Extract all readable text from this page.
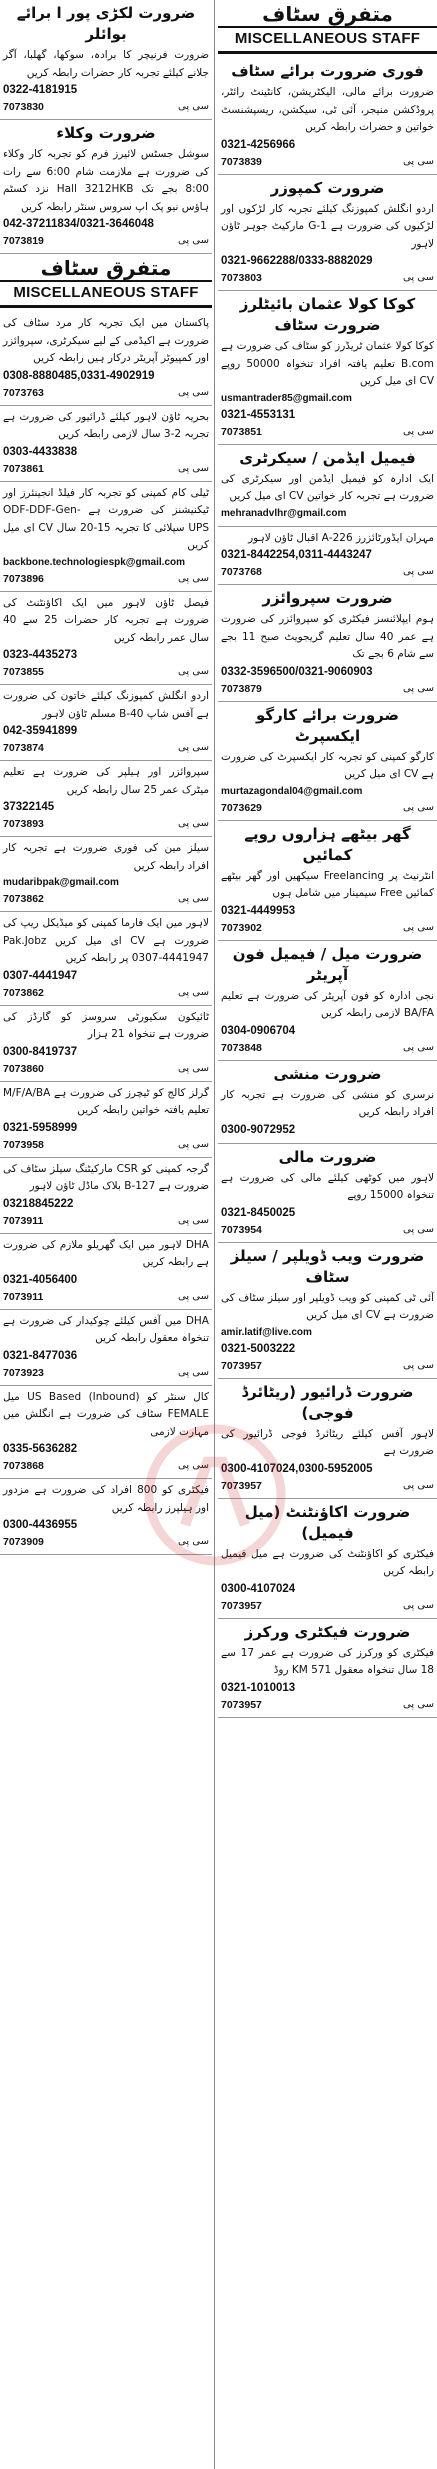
ضرورت لکڑی پور ا برائے بوائلر
ضرورت فرنیچر کا برادہ، سوکھا، گھلبا، آگر جلانے کیلئے تجربہ کار حضرات رابطہ کریں
0322-4181915
7073830	سی پی
ضرورت وکلاء
سوشل جسٹس لائیرز فرم کو تجربہ کار وکلاء کی ضرورت ہے ملازمت شام 6:00 سے رات 8:00 بجے تک Hall 3212HKB نزد کسٹم ہاؤس نیو پک اپ سروس سنٹر رابطہ کریں
042-37211834/0321-3646048
7073819	سی پی
متفرق سٹاف
MISCELLANEOUS STAFF
پاکستان میں ایک تجربہ کار مرد سٹاف کی ضرورت ہے اکیڈمی کے لیے سیکرٹری، سپروائزر اور کمپیوٹر آپریٹر درکار ہیں رابطہ کریں
0308-8880485,0331-4902919
7073763	سی پی
بحریہ ٹاؤن لاہور کیلئے ڈرائیور کی ضرورت ہے تجربہ 2-3 سال لازمی رابطہ کریں
0303-4433838
7073861	سی پی
ٹیلی کام کمپنی کو تجربہ کار فیلڈ انجینئرز اور ٹیکنیشنز کی ضرورت ہے ODF-DDF-Gen-UPS سپلائی کا تجربہ 15-20 سال CV ای میل کریں
backbone.technologiespk@gmail.com
7073896	سی پی
فیصل ٹاؤن لاہور میں ایک اکاؤنٹنٹ کی ضرورت ہے تجربہ کار حضرات 25 سے 40 سال عمر رابطہ کریں
0323-4435273
7073855	سی پی
اردو انگلش کمپوزنگ کیلئے خاتون کی ضرورت ہے آفس شاپ B-40 مسلم ٹاؤن لاہور
042-35941899
7073874	سی پی
سپروائزر اور ہیلپر کی ضرورت ہے تعلیم میٹرک عمر 25 سال رابطہ کریں
37322145
7073893	سی پی
سیلز مین کی فوری ضرورت ہے تجربہ کار افراد رابطہ کریں
mudaribpak@gmail.com
7073862	سی پی
لاہور میں ایک فارما کمپنی کو میڈیکل ریپ کی ضرورت ہے CV ای میل کریں Pak.Jobz 0307-4441947 پر رابطہ کریں
0307-4441947
7073862	سی پی
ٹائیکون سکیورٹی سروسز کو گارڈز کی ضرورت ہے تنخواہ 21 ہزار
0300-8419737
7073860	سی پی
گرلز کالج کو ٹیچرز کی ضرورت ہے M/F/A/BA تعلیم یافتہ خواتین رابطہ کریں
0321-5958999
7073958	سی پی
گرجہ کمپنی کو CSR مارکیٹنگ سیلز سٹاف کی ضرورت ہے 127-B بلاک ماڈل ٹاؤن لاہور
03218845222
7073911	سی پی
DHA لاہور میں ایک گھریلو ملازم کی ضرورت ہے رابطہ کریں
0321-4056400
7073911	سی پی
DHA میں آفس کیلئے چوکیدار کی ضرورت ہے تنخواہ معقول رابطہ کریں
0321-8477036
7073923	سی پی
کال سنٹر کو (Inbound) US Based میل FEMALE سٹاف کی ضرورت ہے انگلش میں مہارت لازمی
0335-5636282
7073868	سی پی
فیکٹری کو 800 افراد کی ضرورت ہے مزدور اور ہیلپرز رابطہ کریں
0300-4436955
7073909	سی پی
متفرق سٹاف
MISCELLANEOUS STAFF
فوری ضرورت برائے سٹاف
ضرورت برائے مالی، الیکٹریشن، کانٹینٹ رائٹر، پروڈکشن منیجر، آئی ٹی، سیکشن، ریسپشنسٹ خواتین و حضرات رابطہ کریں
0321-4256966
7073839	سی پی
ضرورت کمپوزر
اردو انگلش کمپوزنگ کیلئے تجربہ کار لڑکوں اور لڑکیوں کی ضرورت ہے G-1 مارکیٹ جوہر ٹاؤن لاہور
0321-9662288/0333-8882029
7073803	سی پی
کوکا کولا عثمان بائیٹلرز ضرورت سٹاف
کوکا کولا عثمان ٹریڈرز کو سٹاف کی ضرورت ہے B.com تعلیم یافتہ افراد تنخواہ 50000 روپے CV ای میل کریں
usmantrader85@gmail.com
0321-4553131
7073851	سی پی
فیمیل ایڈمن / سیکرٹری
ایک ادارہ کو فیمیل ایڈمن اور سیکرٹری کی ضرورت ہے تجربہ کار خواتین CV ای میل کریں
mehranadvlhr@gmail.com
مہران ایڈورٹائزرز 226-A اقبال ٹاؤن لاہور
0321-8442254,0311-4443247
7073768	سی پی
ضرورت سپروائزر
ہوم ایپلائنسز فیکٹری کو سپروائزر کی ضرورت ہے عمر 40 سال تعلیم گریجویٹ صبح 11 بجے سے شام 6 بجے تک
0332-3596500/0321-9060903
7073879	سی پی
ضرورت برائے کارگو ایکسپرٹ
کارگو کمپنی کو تجربہ کار ایکسپرٹ کی ضرورت ہے CV ای میل کریں
murtazagondal04@gmail.com
7073629	سی پی
گھر بیٹھے ہزاروں روپے کمائیں
انٹرنیٹ پر Freelancing سیکھیں اور گھر بیٹھے کمائیں Free سیمینار میں شامل ہوں
0321-4449953
7073902	سی پی
ضرورت میل / فیمیل فون آپریٹر
نجی ادارہ کو فون آپریٹر کی ضرورت ہے تعلیم BA/FA لازمی رابطہ کریں
0304-0906704
7073848	سی پی
ضرورت منشی
نرسری کو منشی کی ضرورت ہے تجربہ کار افراد رابطہ کریں
0300-9072952
ضرورت مالی
لاہور میں کوٹھی کیلئے مالی کی ضرورت ہے تنخواہ 15000 روپے
0321-8450025
7073954	سی پی
ضرورت ویب ڈویلپر / سیلز سٹاف
آئی ٹی کمپنی کو ویب ڈویلپر اور سیلز سٹاف کی ضرورت ہے CV ای میل کریں
amir.latif@live.com
0321-5003222
7073957	سی پی
ضرورت ڈرائیور (ریٹائرڈ فوجی)
لاہور آفس کیلئے ریٹائرڈ فوجی ڈرائیور کی ضرورت ہے
0300-4107024,0300-5952005
7073957	سی پی
ضرورت اکاؤنٹنٹ (میل فیمیل)
فیکٹری کو اکاؤنٹنٹ کی ضرورت ہے میل فیمیل رابطہ کریں
0300-4107024
7073957	سی پی
ضرورت فیکٹری ورکرز
فیکٹری کو ورکرز کی ضرورت ہے عمر 17 سے 18 سال تنخواہ معقول 571 KM روڈ
0321-1010013
7073957	سی پی
